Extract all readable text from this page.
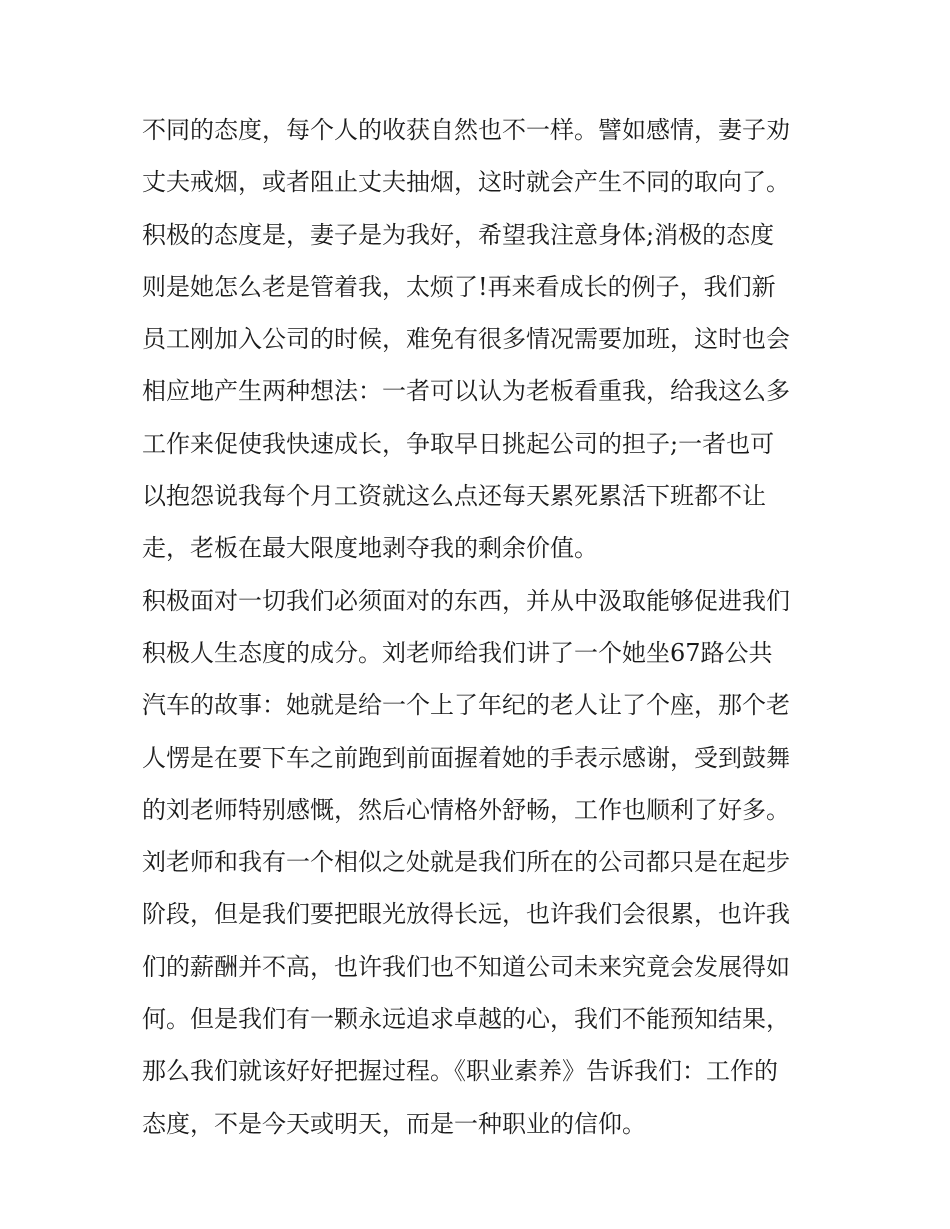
不同的态度，每个人的收获自然也不一样。譬如感情，妻子劝
丈夫戒烟，或者阻止丈夫抽烟，这时就会产生不同的取向了。
积极的态度是，妻子是为我好，希望我注意身体;消极的态度
则是她怎么老是管着我，太烦了!再来看成长的例子，我们新
员工刚加入公司的时候，难免有很多情况需要加班，这时也会
相应地产生两种想法：一者可以认为老板看重我，给我这么多
工作来促使我快速成长，争取早日挑起公司的担子;一者也可
以抱怨说我每个月工资就这么点还每天累死累活下班都不让
走，老板在最大限度地剥夺我的剩余价值。
积极面对一切我们必须面对的东西，并从中汲取能够促进我们
积极人生态度的成分。刘老师给我们讲了一个她坐67路公共
汽车的故事：她就是给一个上了年纪的老人让了个座，那个老
人愣是在要下车之前跑到前面握着她的手表示感谢，受到鼓舞
的刘老师特别感慨，然后心情格外舒畅，工作也顺利了好多。
刘老师和我有一个相似之处就是我们所在的公司都只是在起步
阶段，但是我们要把眼光放得长远，也许我们会很累，也许我
们的薪酬并不高，也许我们也不知道公司未来究竟会发展得如
何。但是我们有一颗永远追求卓越的心，我们不能预知结果，
那么我们就该好好把握过程。《职业素养》告诉我们：工作的
态度，不是今天或明天，而是一种职业的信仰。
